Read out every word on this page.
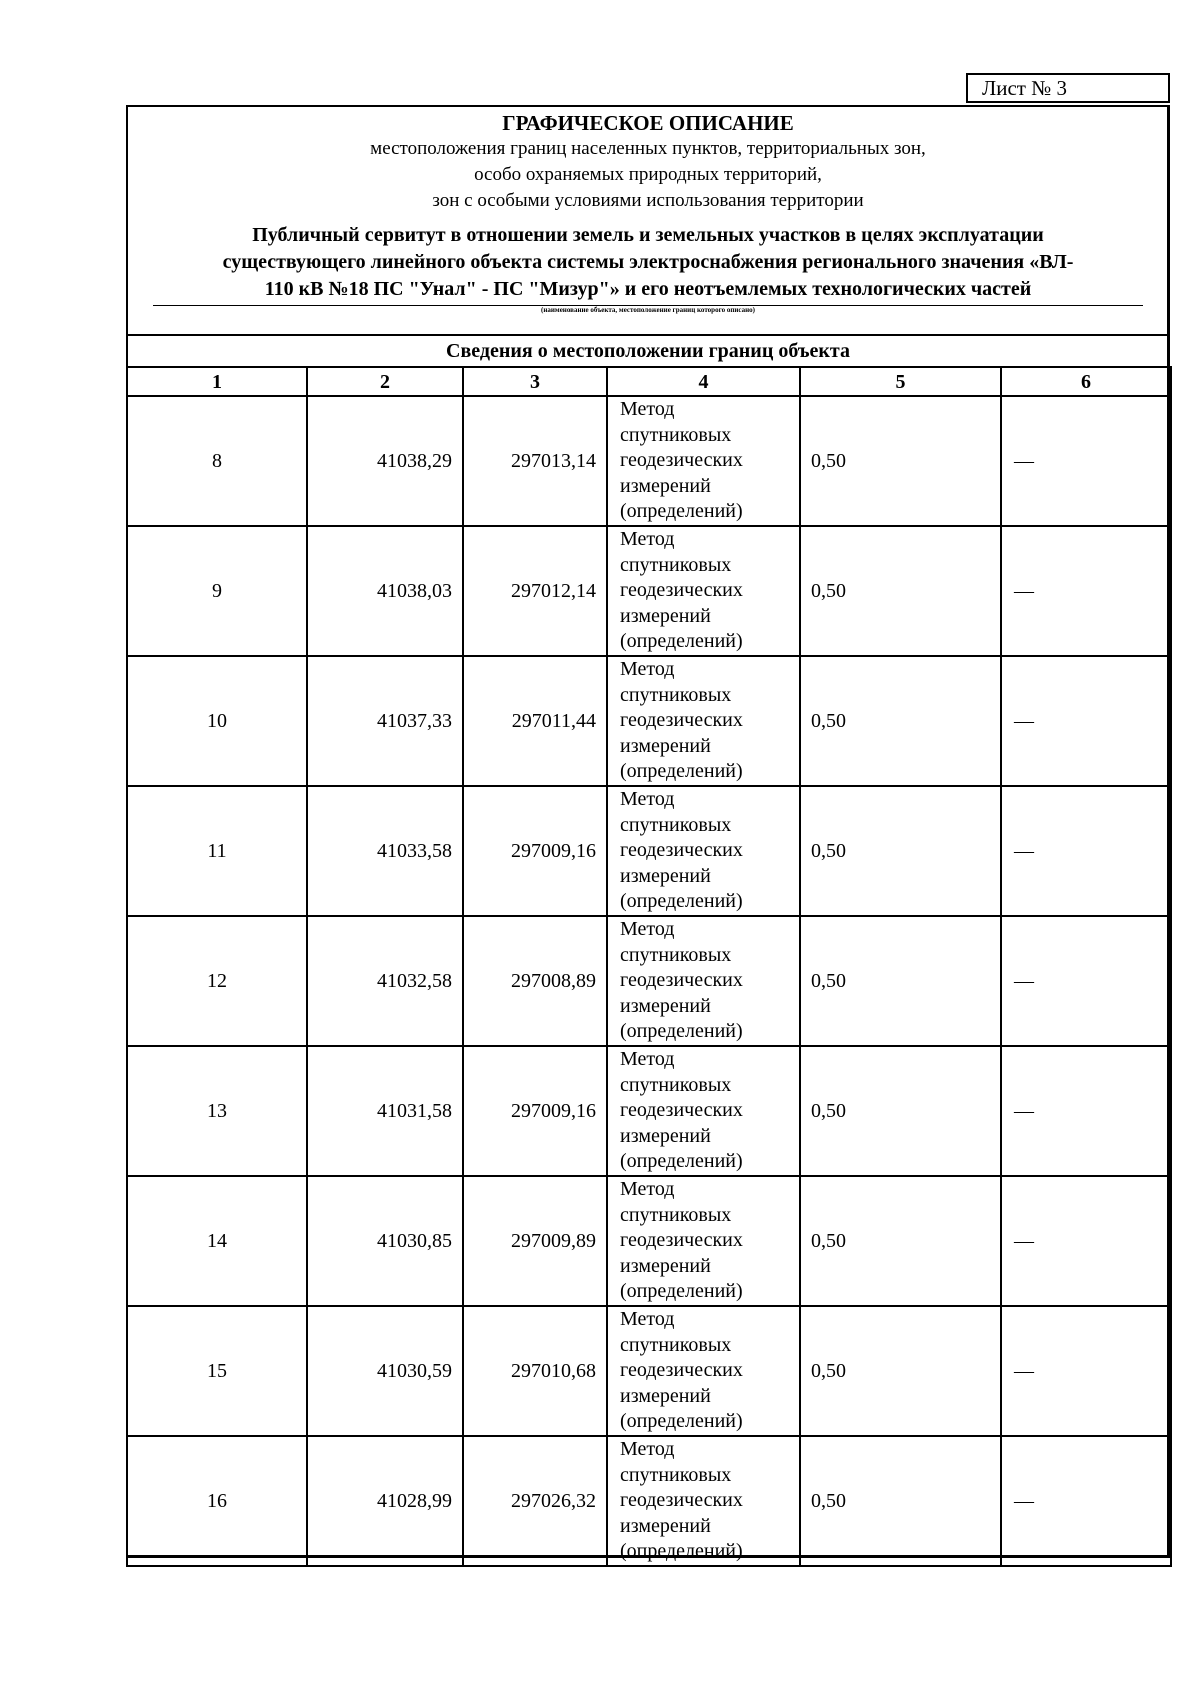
Лист № 3
ГРАФИЧЕСКОЕ ОПИСАНИЕ
местоположения границ населенных пунктов, территориальных зон,
особо охраняемых природных территорий,
зон с особыми условиями использования территории
Публичный сервитут в отношении земель и земельных участков в целях эксплуатации
существующего линейного объекта системы электроснабжения регионального значения «ВЛ-
110 кВ №18 ПС "Унал" - ПС "Мизур"» и его неотъемлемых технологических частей
(наименование объекта, местоположение границ которого описано)
Сведения о местоположении границ объекта
1	2	3	4	5	6
8	41038,29	297013,14	Метод
спутниковых
геодезических
измерений
(определений)	0,50	—
9	41038,03	297012,14	Метод
спутниковых
геодезических
измерений
(определений)	0,50	—
10	41037,33	297011,44	Метод
спутниковых
геодезических
измерений
(определений)	0,50	—
11	41033,58	297009,16	Метод
спутниковых
геодезических
измерений
(определений)	0,50	—
12	41032,58	297008,89	Метод
спутниковых
геодезических
измерений
(определений)	0,50	—
13	41031,58	297009,16	Метод
спутниковых
геодезических
измерений
(определений)	0,50	—
14	41030,85	297009,89	Метод
спутниковых
геодезических
измерений
(определений)	0,50	—
15	41030,59	297010,68	Метод
спутниковых
геодезических
измерений
(определений)	0,50	—
16	41028,99	297026,32	Метод
спутниковых
геодезических
измерений
(определений)	0,50	—
